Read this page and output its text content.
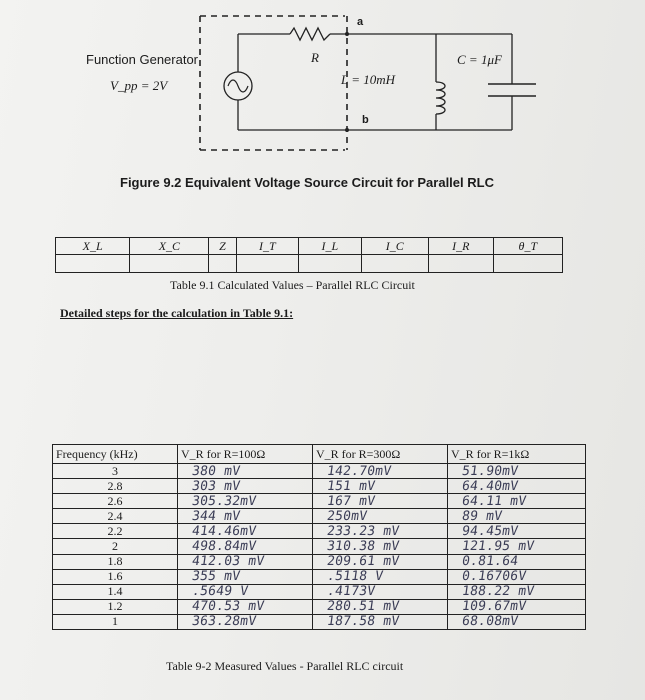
Function Generator
V_pp = 2V
R
L = 10mH
C = 1μF
a
b
Figure 9.2 Equivalent Voltage Source Circuit for Parallel RLC
X_L	X_C	Z	I_T	I_L	I_C	I_R	θ_T

Table 9.1 Calculated Values – Parallel RLC Circuit
Detailed steps for the calculation in Table 9.1:
Frequency (kHz)	V_R for R=100Ω	V_R for R=300Ω	V_R for R=1kΩ
3	380 mV	142.70mV	51.90mV
2.8	303 mV	151 mV	64.40mV
2.6	305.32mV	167 mV	64.11 mV
2.4	344 mV	250mV	89 mV
2.2	414.46mV	233.23 mV	94.45mV
2	498.84mV	310.38 mV	121.95 mV
1.8	412.03 mV	209.61 mV	0.81.64
1.6	355 mV	.5118 V	0.16706V
1.4	.5649 V	.4173V	188.22 mV
1.2	470.53 mV	280.51 mV	109.67mV
1	363.28mV	187.58 mV	68.08mV
Table 9-2 Measured Values - Parallel RLC circuit
